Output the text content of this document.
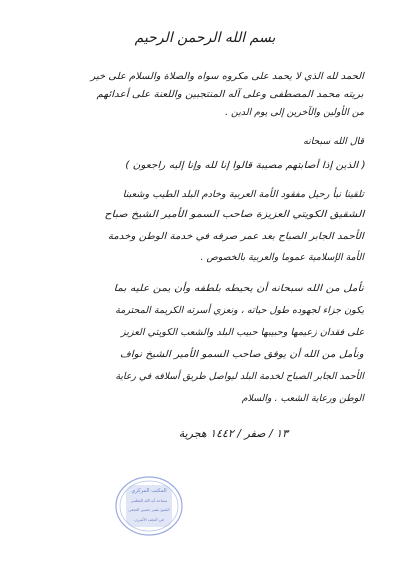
بسم الله الرحمن الرحيم
الحمد لله الذي لا يحمد على مكروه سواه والصلاة والسلام على خير
بريته محمد المصطفى وعلى آله المنتجبين واللعنة على أعدائهم
من الأولين والآخرين إلى يوم الدين .
قال الله سبحانه
( الذين إذا أصابتهم مصيبة قالوا إنا لله وإنا إليه راجعون )
تلقينا نبأ رحيل مفقود الأمة العربية وخادم البلد الطيب وشعبنا
الشقيق الكويتي العزيزة صاحب السمو الأمير الشيخ صباح
الأحمد الجابر الصباح بعد عمر صرفه في خدمة الوطن وخدمة
الأمة الإسلامية عموما والعربية بالخصوص .
نأمل من الله سبحانه أن يحيطه بلطفه وأن يمن عليه بما
يكون جزاء لجهوده طول حياته ، ونعزي أسرته الكريمة المحترمة
على فقدان زعيمها وحبيبها حبيب البلد والشعب الكويتي العزيز
ونأمل من الله أن يوفق صاحب السمو الأمير الشيخ نواف
الأحمد الجابر الصباح لخدمة البلد ليواصل طريق أسلافه في رعاية
الوطن ورعاية الشعب . والسلام
١٣ / صفر / ١٤٤٢ هجرية
المكتب المركزي
سماحة آية الله العظمى
الشيخ بشير حسين النجفي
في النجف الأشرف
